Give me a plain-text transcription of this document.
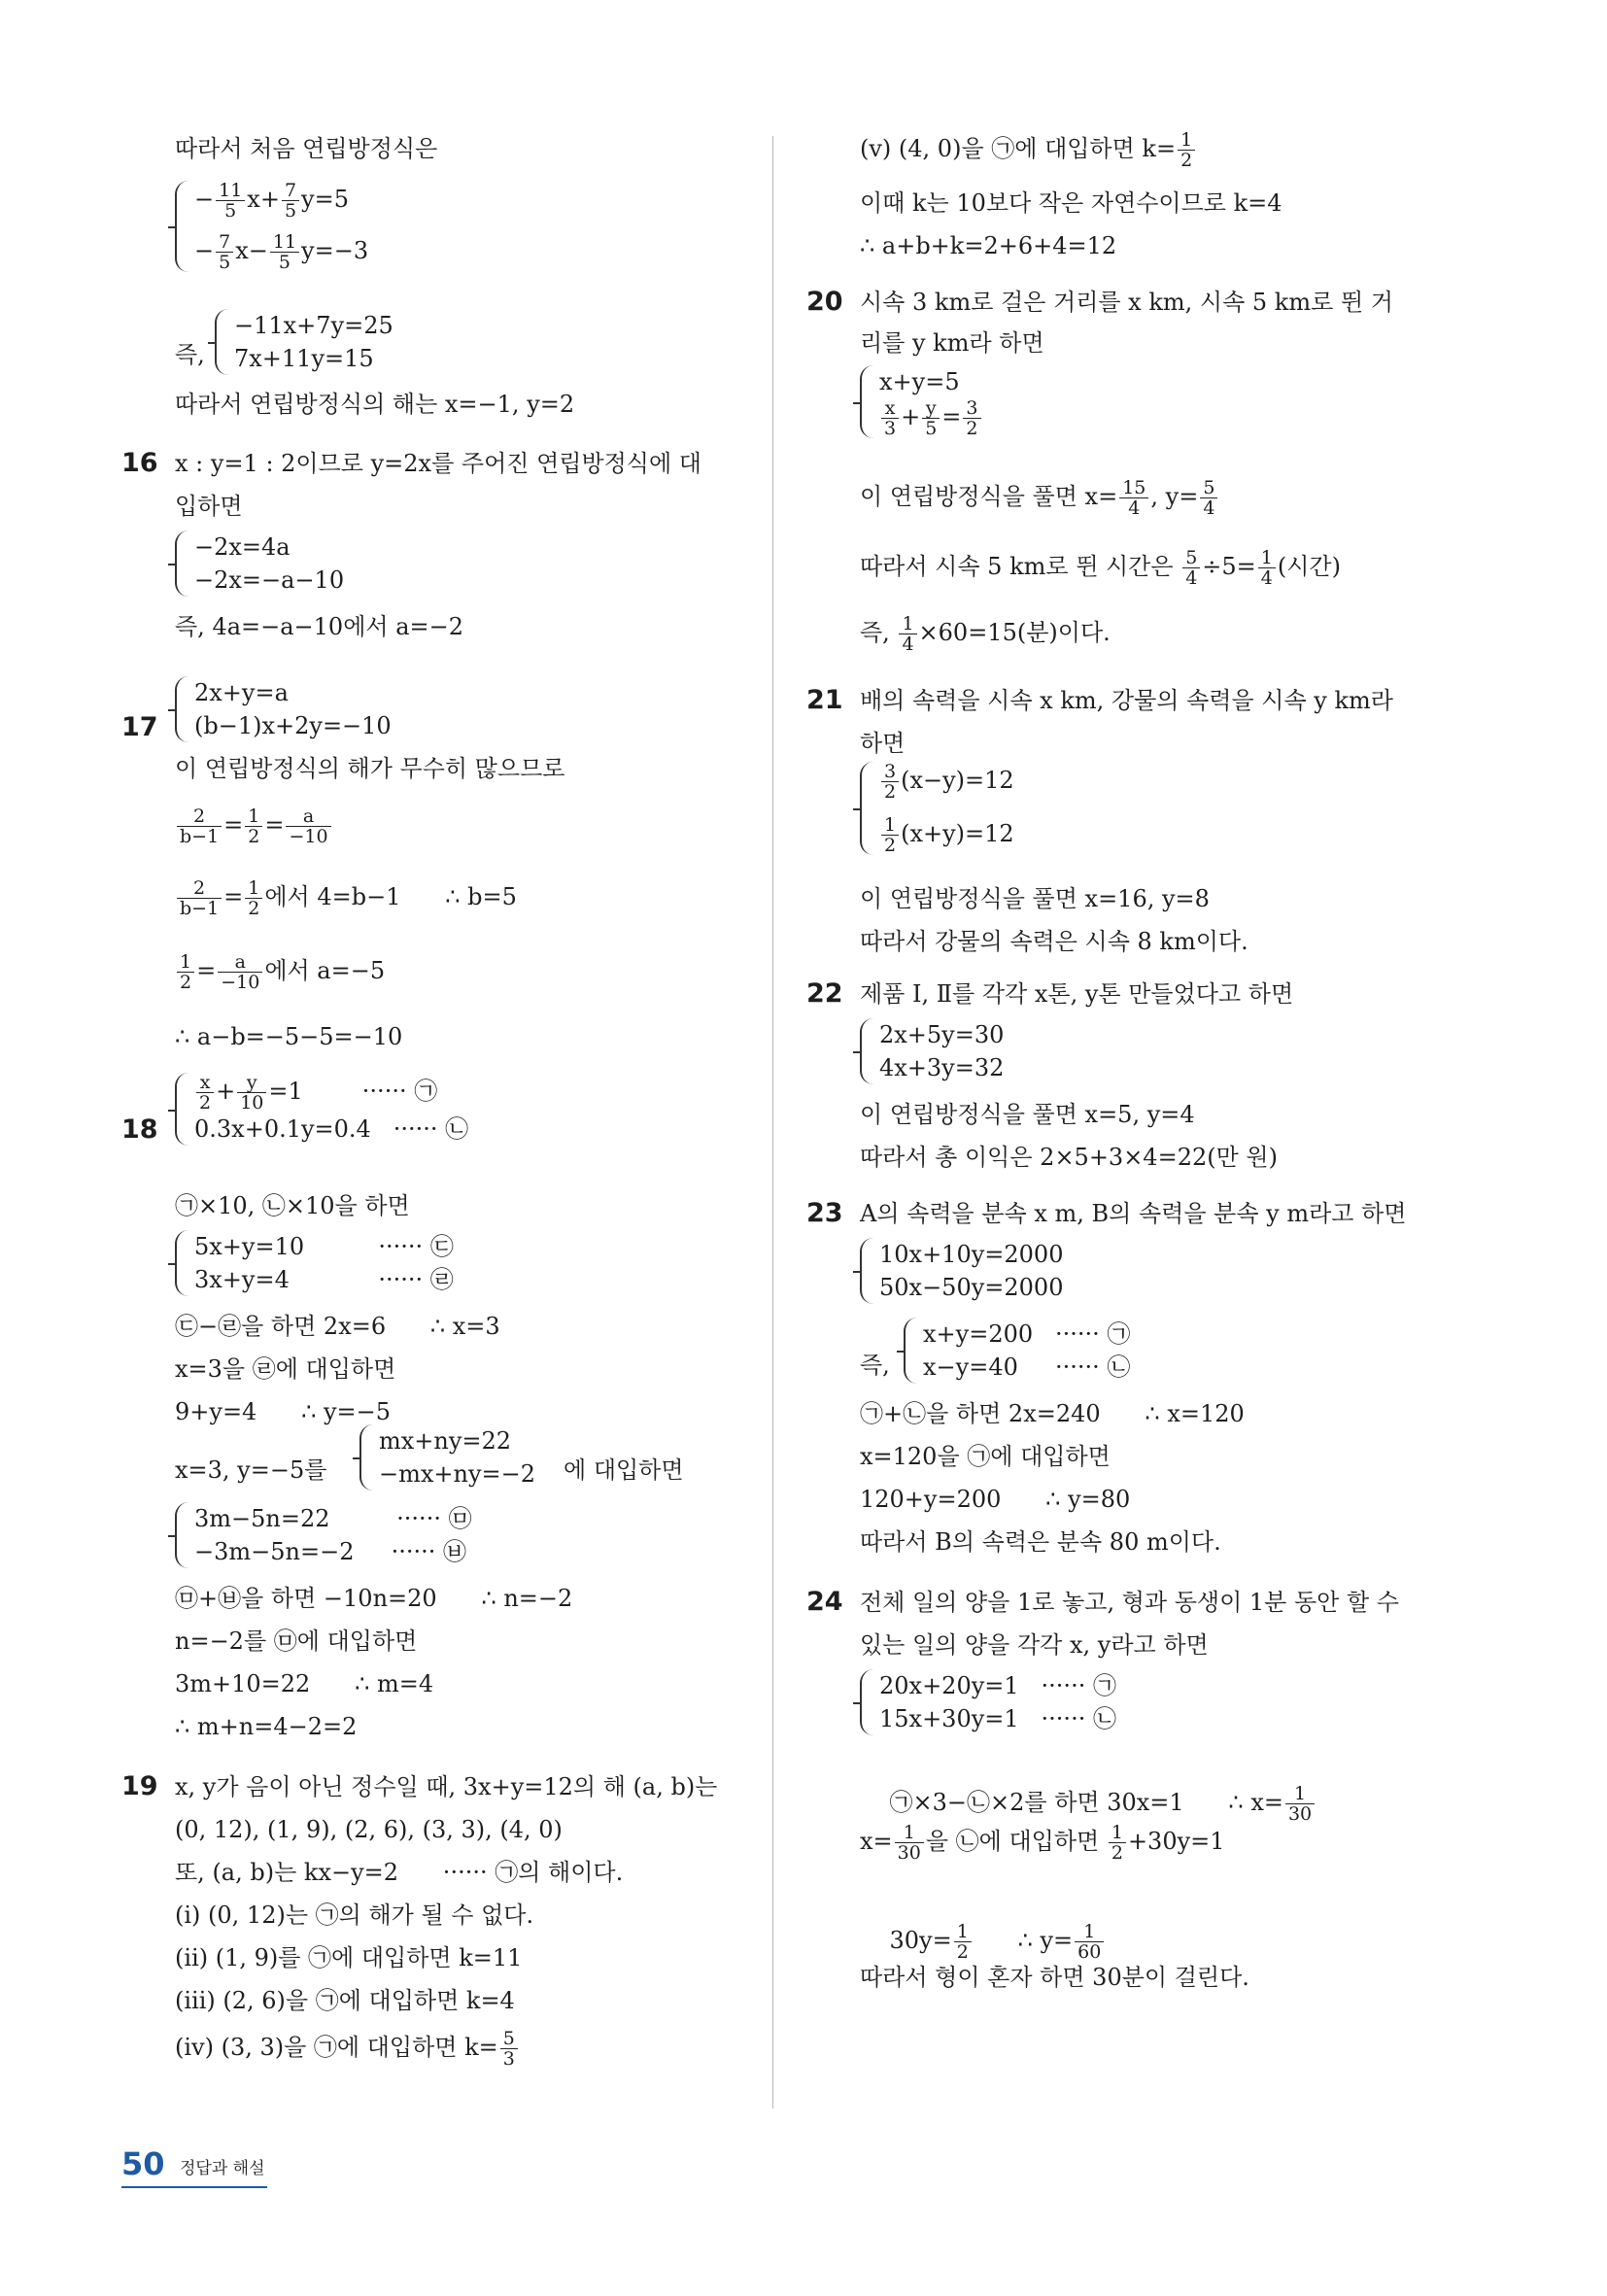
따라서 처음 연립방정식은
− $\frac{11}{5} x+ \frac{7}{5} y=5$
− $\frac{7}{5} x- \frac{11}{5} y=-3$
즉,
−11x+7y=25
7x+11y=15
따라서 연립방정식의 해는 x=−1, y=2
16 x : y=1 : 2이므로 y=2x를 주어진 연립방정식에 대
입하면
−2x=4a
−2x=−a−10
즉, 4a=−a−10에서 a=−2
17
2x+y=a
(b−1)x+2y=−10
이 연립방정식의 해가 무수히 많으므로
$\frac{2}{b-1} = \frac{1}{2} = \frac{a}{-10}$
$\frac{2}{b-1} = \frac{1}{2}$ 에서 4=b−1      ∴ b=5
$\frac{1}{2} = \frac{a}{-10}$ 에서 a=−5
∴ a−b=−5−5=−10
18
$\frac{x}{2} + \frac{y}{10} =1$        ······ ㉠
0.3x+0.1y=0.4   ······ ㉡
㉠×10, ㉡×10을 하면
5x+y=10          ······ ㉢
3x+y=4            ······ ㉣
㉢−㉣을 하면 2x=6      ∴ x=3
x=3을 ㉣에 대입하면
9+y=4      ∴ y=−5
x=3, y=−5를
mx+ny=22
−mx+ny=−2 에 대입하면
3m−5n=22         ······ ㉤
−3m−5n=−2     ······ ㉥
㉤+㉥을 하면 −10n=20      ∴ n=−2
n=−2를 ㉤에 대입하면
3m+10=22      ∴ m=4
∴ m+n=4−2=2
19 x, y가 음이 아닌 정수일 때, 3x+y=12의 해 (a, b)는
(0, 12), (1, 9), (2, 6), (3, 3), (4, 0)
또, (a, b)는 kx−y=2      ······ ㉠의 해이다.
(ⅰ) (0, 12)는 ㉠의 해가 될 수 없다.
(ⅱ) (1, 9)를 ㉠에 대입하면 k=11
(ⅲ) (2, 6)을 ㉠에 대입하면 k=4
(ⅳ) (3, 3)을 ㉠에 대입하면 $k= \frac{5}{3}$
(ⅴ) (4, 0)을 ㉠에 대입하면 $k= \frac{1}{2}$
이때 k는 10보다 작은 자연수이므로 k=4
∴ a+b+k=2+6+4=12
20 시속 3 km로 걸은 거리를 x km, 시속 5 km로 뛴 거
리를 y km라 하면
x+y=5
$\frac{x}{3} + \frac{y}{5} = \frac{3}{2}$
이 연립방정식을 풀면 $x= \frac{15}{4}$ , $y= \frac{5}{4}$
따라서 시속 5 km로 뛴 시간은 $\frac{5}{4} \div 5= \frac{1}{4}$ (시간)
즉, $\frac{1}{4} \times 60=15$(분)이다.
21 배의 속력을 시속 x km, 강물의 속력을 시속 y km라
하면
$\frac{3}{2} (x-y)=12$
$\frac{1}{2} (x+y)=12$
이 연립방정식을 풀면 x=16, y=8
따라서 강물의 속력은 시속 8 km이다.
22 제품 Ⅰ, Ⅱ를 각각 x톤, y톤 만들었다고 하면
2x+5y=30
4x+3y=32
이 연립방정식을 풀면 x=5, y=4
따라서 총 이익은 2×5+3×4=22(만 원)
23 A의 속력을 분속 x m, B의 속력을 분속 y m라고 하면
10x+10y=2000
50x−50y=2000
즉,
x+y=200   ······ ㉠
x−y=40     ······ ㉡
㉠+㉡을 하면 2x=240      ∴ x=120
x=120을 ㉠에 대입하면
120+y=200      ∴ y=80
따라서 B의 속력은 분속 80 m이다.
24 전체 일의 양을 1로 놓고, 형과 동생이 1분 동안 할 수
있는 일의 양을 각각 x, y라고 하면
20x+20y=1   ······ ㉠
15x+30y=1   ······ ㉡

㉠×3−㉡×2를 하면 30x=1      ∴ $x= \frac{1}{30}$

$x= \frac{1}{30}$ 을 ㉡에 대입하면 $\frac{1}{2} +30y=1$

$30y= \frac{1}{2}$ ∴ $y= \frac{1}{60}$

따라서 형이 혼자 하면 30분이 걸린다.
50 정답과 해설
